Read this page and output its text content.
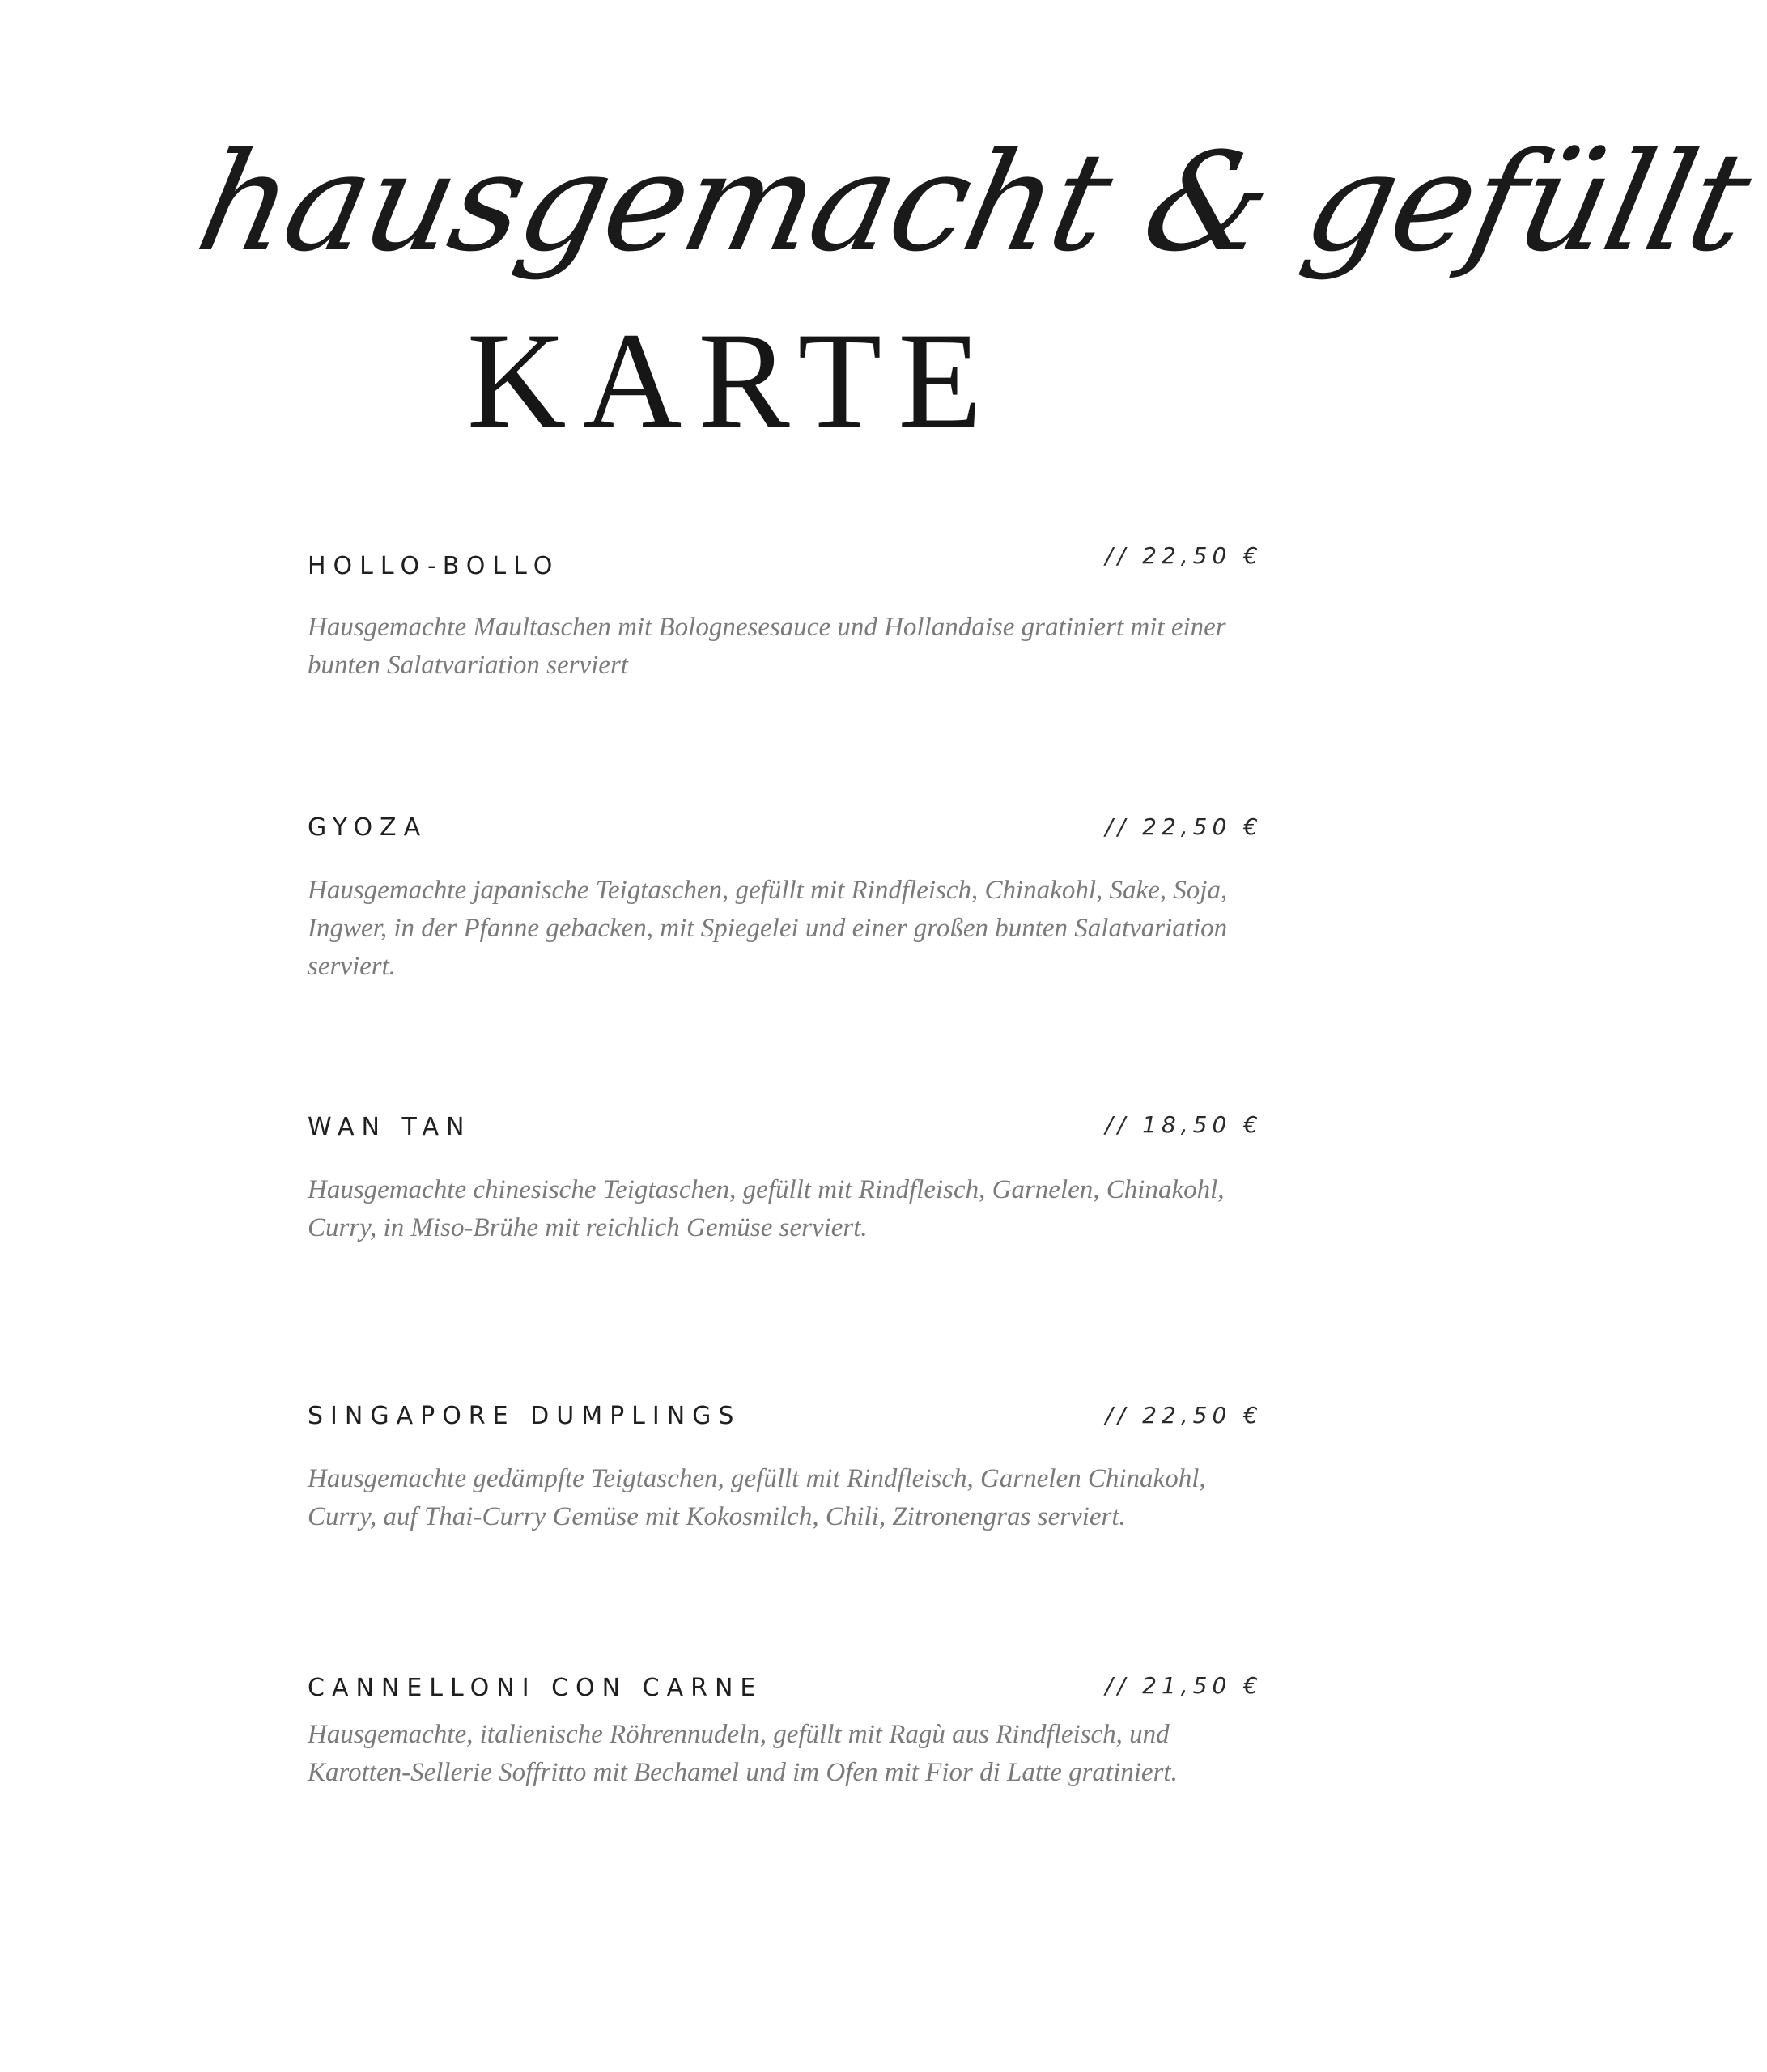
hausgemacht & gefüllt
KARTE
HOLLO-BOLLO	// 22,50 €
Hausgemachte Maultaschen mit Bolognesesauce und Hollandaise gratiniert mit einer bunten Salatvariation serviert
GYOZA	// 22,50 €
Hausgemachte japanische Teigtaschen, gefüllt mit Rindfleisch, Chinakohl, Sake, Soja, Ingwer, in der Pfanne gebacken, mit Spiegelei und einer großen bunten Salatvariation serviert.
WAN TAN	// 18,50 €
Hausgemachte chinesische Teigtaschen, gefüllt mit Rindfleisch, Garnelen, Chinakohl, Curry, in Miso-Brühe mit reichlich Gemüse serviert.
SINGAPORE DUMPLINGS	// 22,50 €
Hausgemachte gedämpfte Teigtaschen, gefüllt mit Rindfleisch, Garnelen Chinakohl, Curry, auf Thai-Curry Gemüse mit Kokosmilch, Chili, Zitronengras serviert.
CANNELLONI CON CARNE	// 21,50 €
Hausgemachte, italienische Röhrennudeln, gefüllt mit Ragù aus Rindfleisch, und Karotten-Sellerie Soffritto mit Bechamel und im Ofen mit Fior di Latte gratiniert.
